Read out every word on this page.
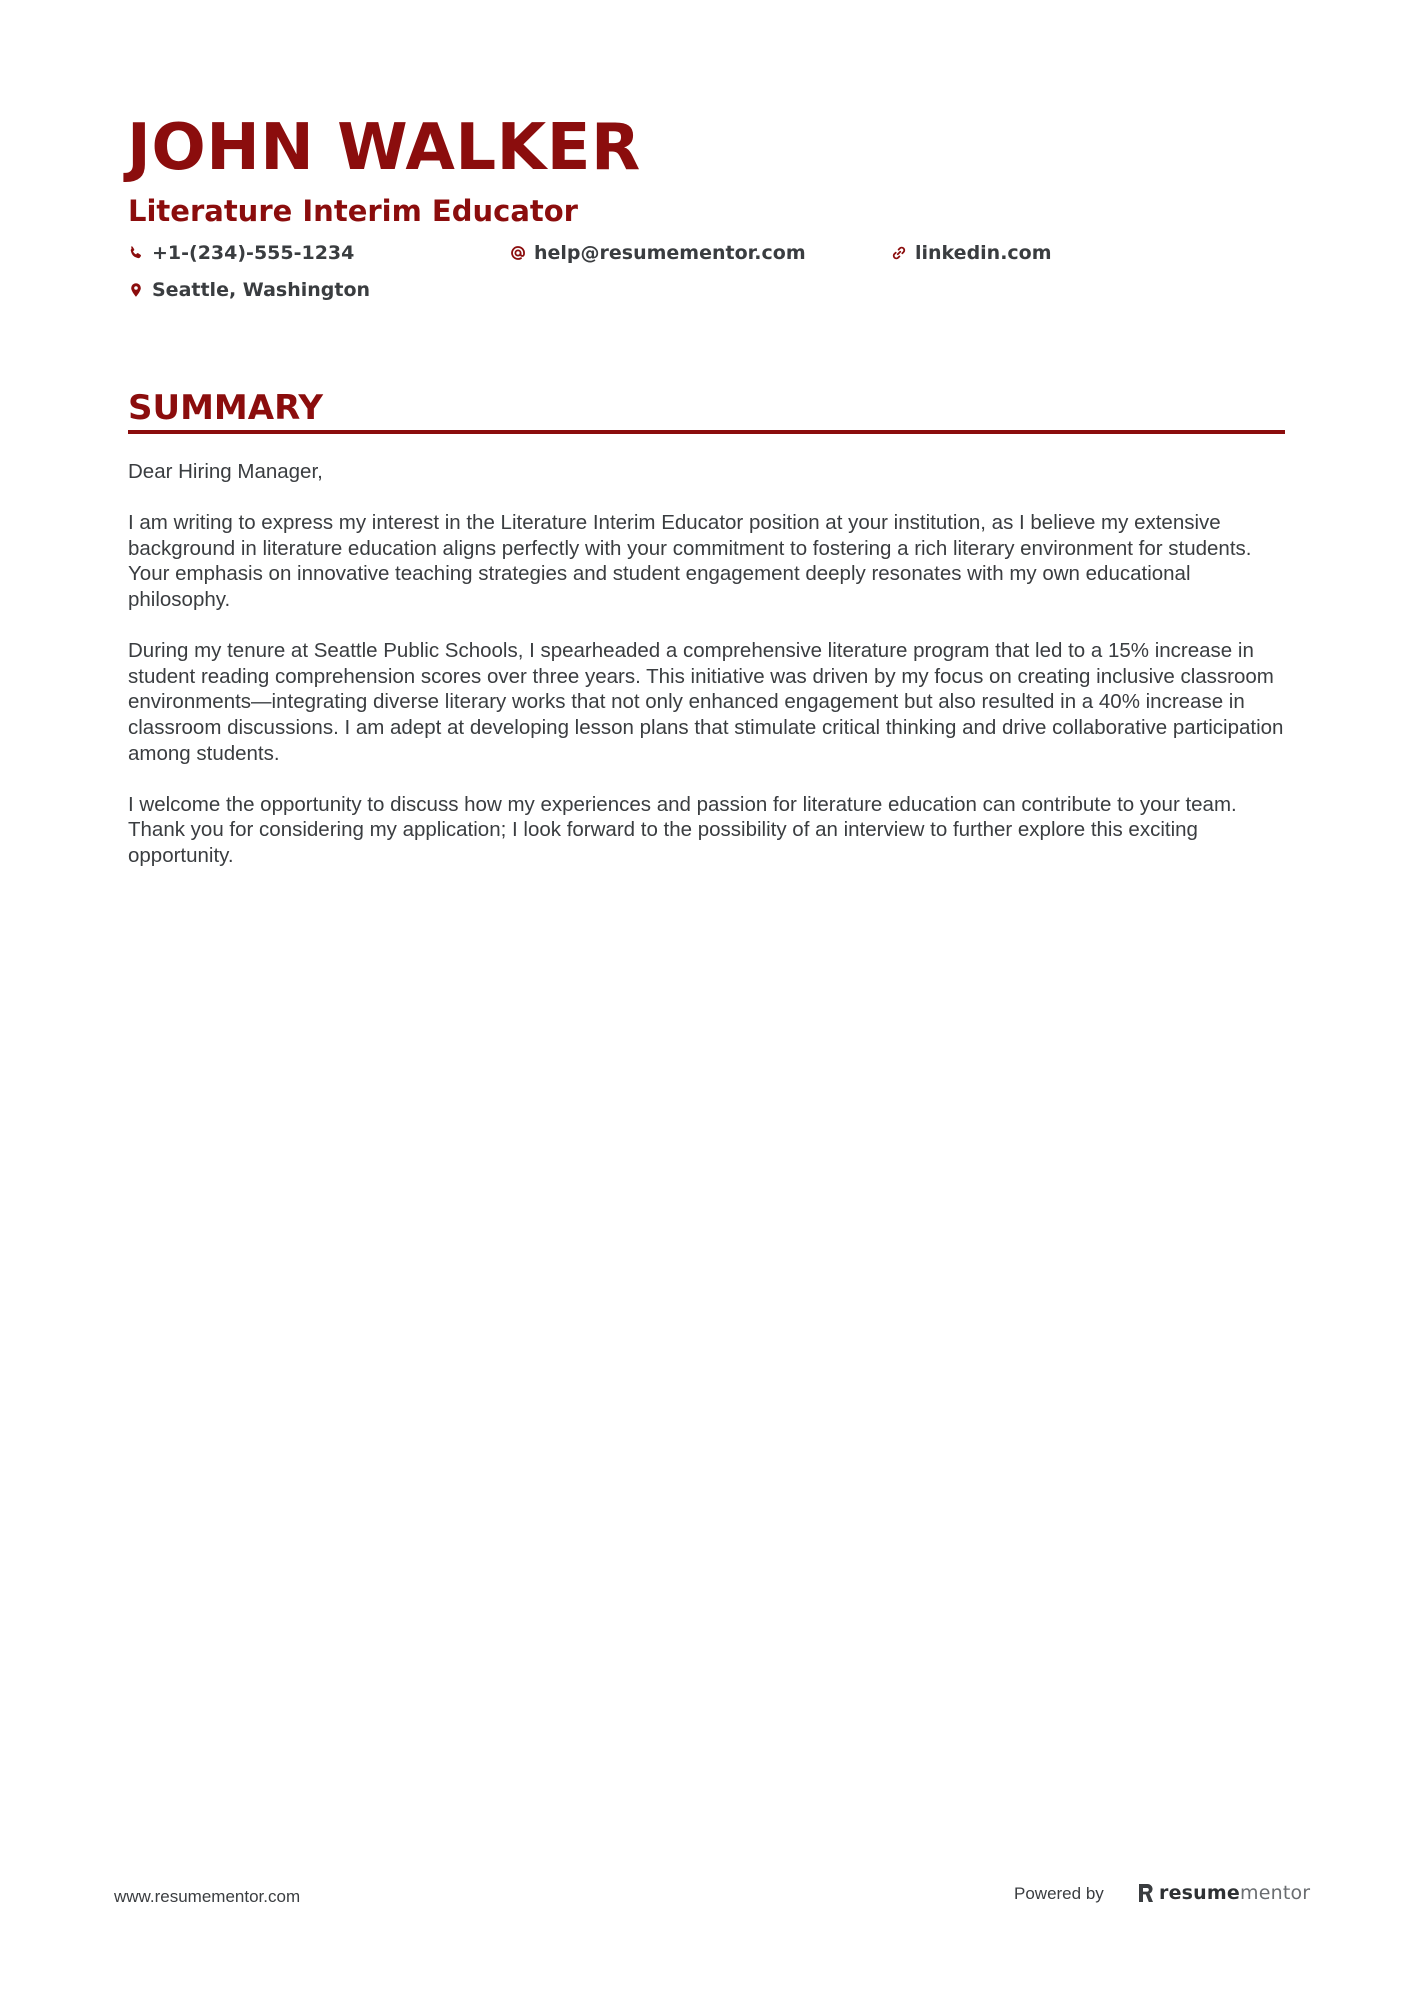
JOHN WALKER
Literature Interim Educator
+1-(234)-555-1234	help@resumementor.com	linkedin.com
Seattle, Washington
SUMMARY

Dear Hiring Manager,

I am writing to express my interest in the Literature Interim Educator position at your institution, as I believe my extensive background in literature education aligns perfectly with your commitment to fostering a rich literary environment for students. Your emphasis on innovative teaching strategies and student engagement deeply resonates with my own educational philosophy.

During my tenure at Seattle Public Schools, I spearheaded a comprehensive literature program that led to a 15% increase in student reading comprehension scores over three years. This initiative was driven by my focus on creating inclusive classroom environments—integrating diverse literary works that not only enhanced engagement but also resulted in a 40% increase in classroom discussions. I am adept at developing lesson plans that stimulate critical thinking and drive collaborative participation among students.

I welcome the opportunity to discuss how my experiences and passion for literature education can contribute to your team. Thank you for considering my application; I look forward to the possibility of an interview to further explore this exciting opportunity.

www.resumementor.com	Powered by	resumementor
